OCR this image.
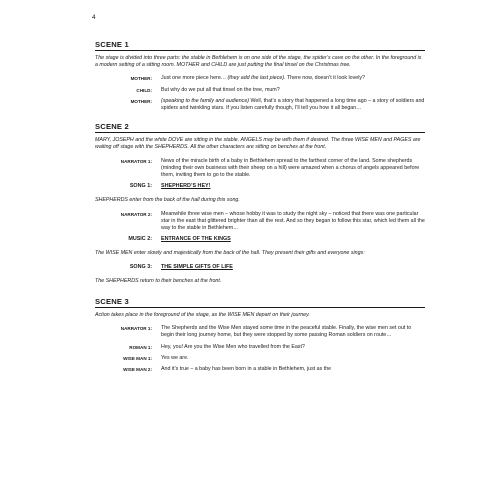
4
SCENE 1

The stage is divided into three parts: the stable in Bethlehem is on one side of the stage, the spider’s cave on the other. In the foreground is a modern setting of a sitting room. MOTHER and CHILD are just putting the final tinsel on the Christmas tree.

MOTHER:	Just one more piece here… (they add the last piece). There now, doesn’t it look lovely?
CHILD:	But why do we put all that tinsel on the tree, mum?
MOTHER:	(speaking to the family and audience) Well, that’s a story that happened a long time ago – a story of soldiers and spiders and twinkling stars. If you listen carefully though, I’ll tell you how it all began…
SCENE 2

MARY, JOSEPH and the white DOVE are sitting in the stable. ANGELS may be with them if desired. The three WISE MEN and PAGES are waiting off stage with the SHEPHERDS. All the other characters are sitting on benches at the front.

NARRATOR 1:	News of the miracle birth of a baby in Bethlehem spread to the farthest corner of the land. Some shepherds (minding their own business with their sheep on a hill) were amazed when a chorus of angels appeared before them, inviting them to go to the stable.
SONG 1:	SHEPHERD’S HEY!

SHEPHERDS enter from the back of the hall during this song.

NARRATOR 2:	Meanwhile three wise men – whose hobby it was to study the night sky – noticed that there was one particular star in the east that glittered brighter than all the rest. And so they began to follow this star, which led them all the way to the stable in Bethlehem…
MUSIC 2:	ENTRANCE OF THE KINGS

The WISE MEN enter slowly and majestically from the back of the hall. They present their gifts and everyone sings:

SONG 3:	THE SIMPLE GIFTS OF LIFE

The SHEPHERDS return to their benches at the front.

SCENE 3

Action takes place in the foreground of the stage, as the WISE MEN depart on their journey.

NARRATOR 1:	The Shepherds and the Wise Men stayed some time in the peaceful stable. Finally, the wise men set out to begin their long journey home, but they were stopped by some passing Roman soldiers on route…
ROMAN 1:	Hey, you! Are you the Wise Men who travelled from the East?
WISE MAN 1:	Yes we are.
WISE MAN 2:	And it’s true – a baby has been born in a stable in Bethlehem, just as the
